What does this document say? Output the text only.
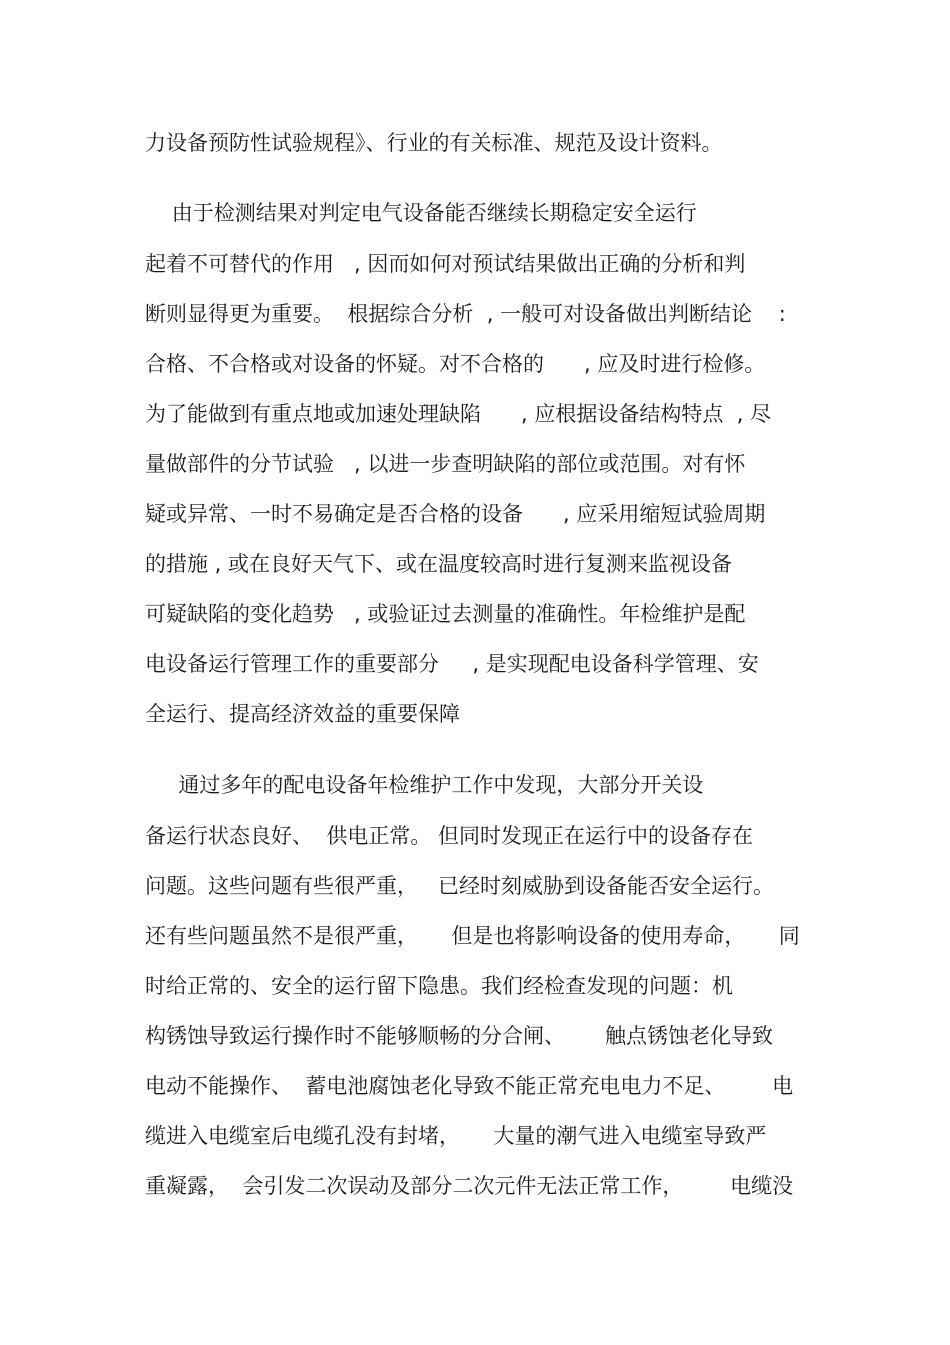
力设备预防性试验规程》、行业的有关标准、规范及设计资料。
由于检测结果对判定电气设备能否继续长期稳定安全运行
起着不可替代的作用   , 因而如何对预试结果做出正确的分析和判
断则显得更为重要。  根据综合分析  , 一般可对设备做出判断结论    :
合格、不合格或对设备的怀疑。对不合格的      , 应及时进行检修。
为了能做到有重点地或加速处理缺陷      , 应根据设备结构特点  , 尽
量做部件的分节试验   , 以进一步查明缺陷的部位或范围。对有怀
疑或异常、一时不易确定是否合格的设备      , 应采用缩短试验周期
的措施 , 或在良好天气下、或在温度较高时进行复测来监视设备
可疑缺陷的变化趋势   , 或验证过去测量的准确性。年检维护是配
电设备运行管理工作的重要部分     , 是实现配电设备科学管理、安
全运行、提高经济效益的重要保障
通过多年的配电设备年检维护工作中发现，大部分开关设
备运行状态良好、  供电正常。 但同时发现正在运行中的设备存在
问题。这些问题有些很严重，   已经时刻威胁到设备能否安全运行。
还有些问题虽然不是很严重，     但是也将影响设备的使用寿命，     同
时给正常的、安全的运行留下隐患。我们经检查发现的问题：机
构锈蚀导致运行操作时不能够顺畅的分合闸、      触点锈蚀老化导致
电动不能操作、  蓄电池腐蚀老化导致不能正常充电电力不足、       电
缆进入电缆室后电缆孔没有封堵，     大量的潮气进入电缆室导致严
重凝露，  会引发二次误动及部分二次元件无法正常工作，       电缆没
